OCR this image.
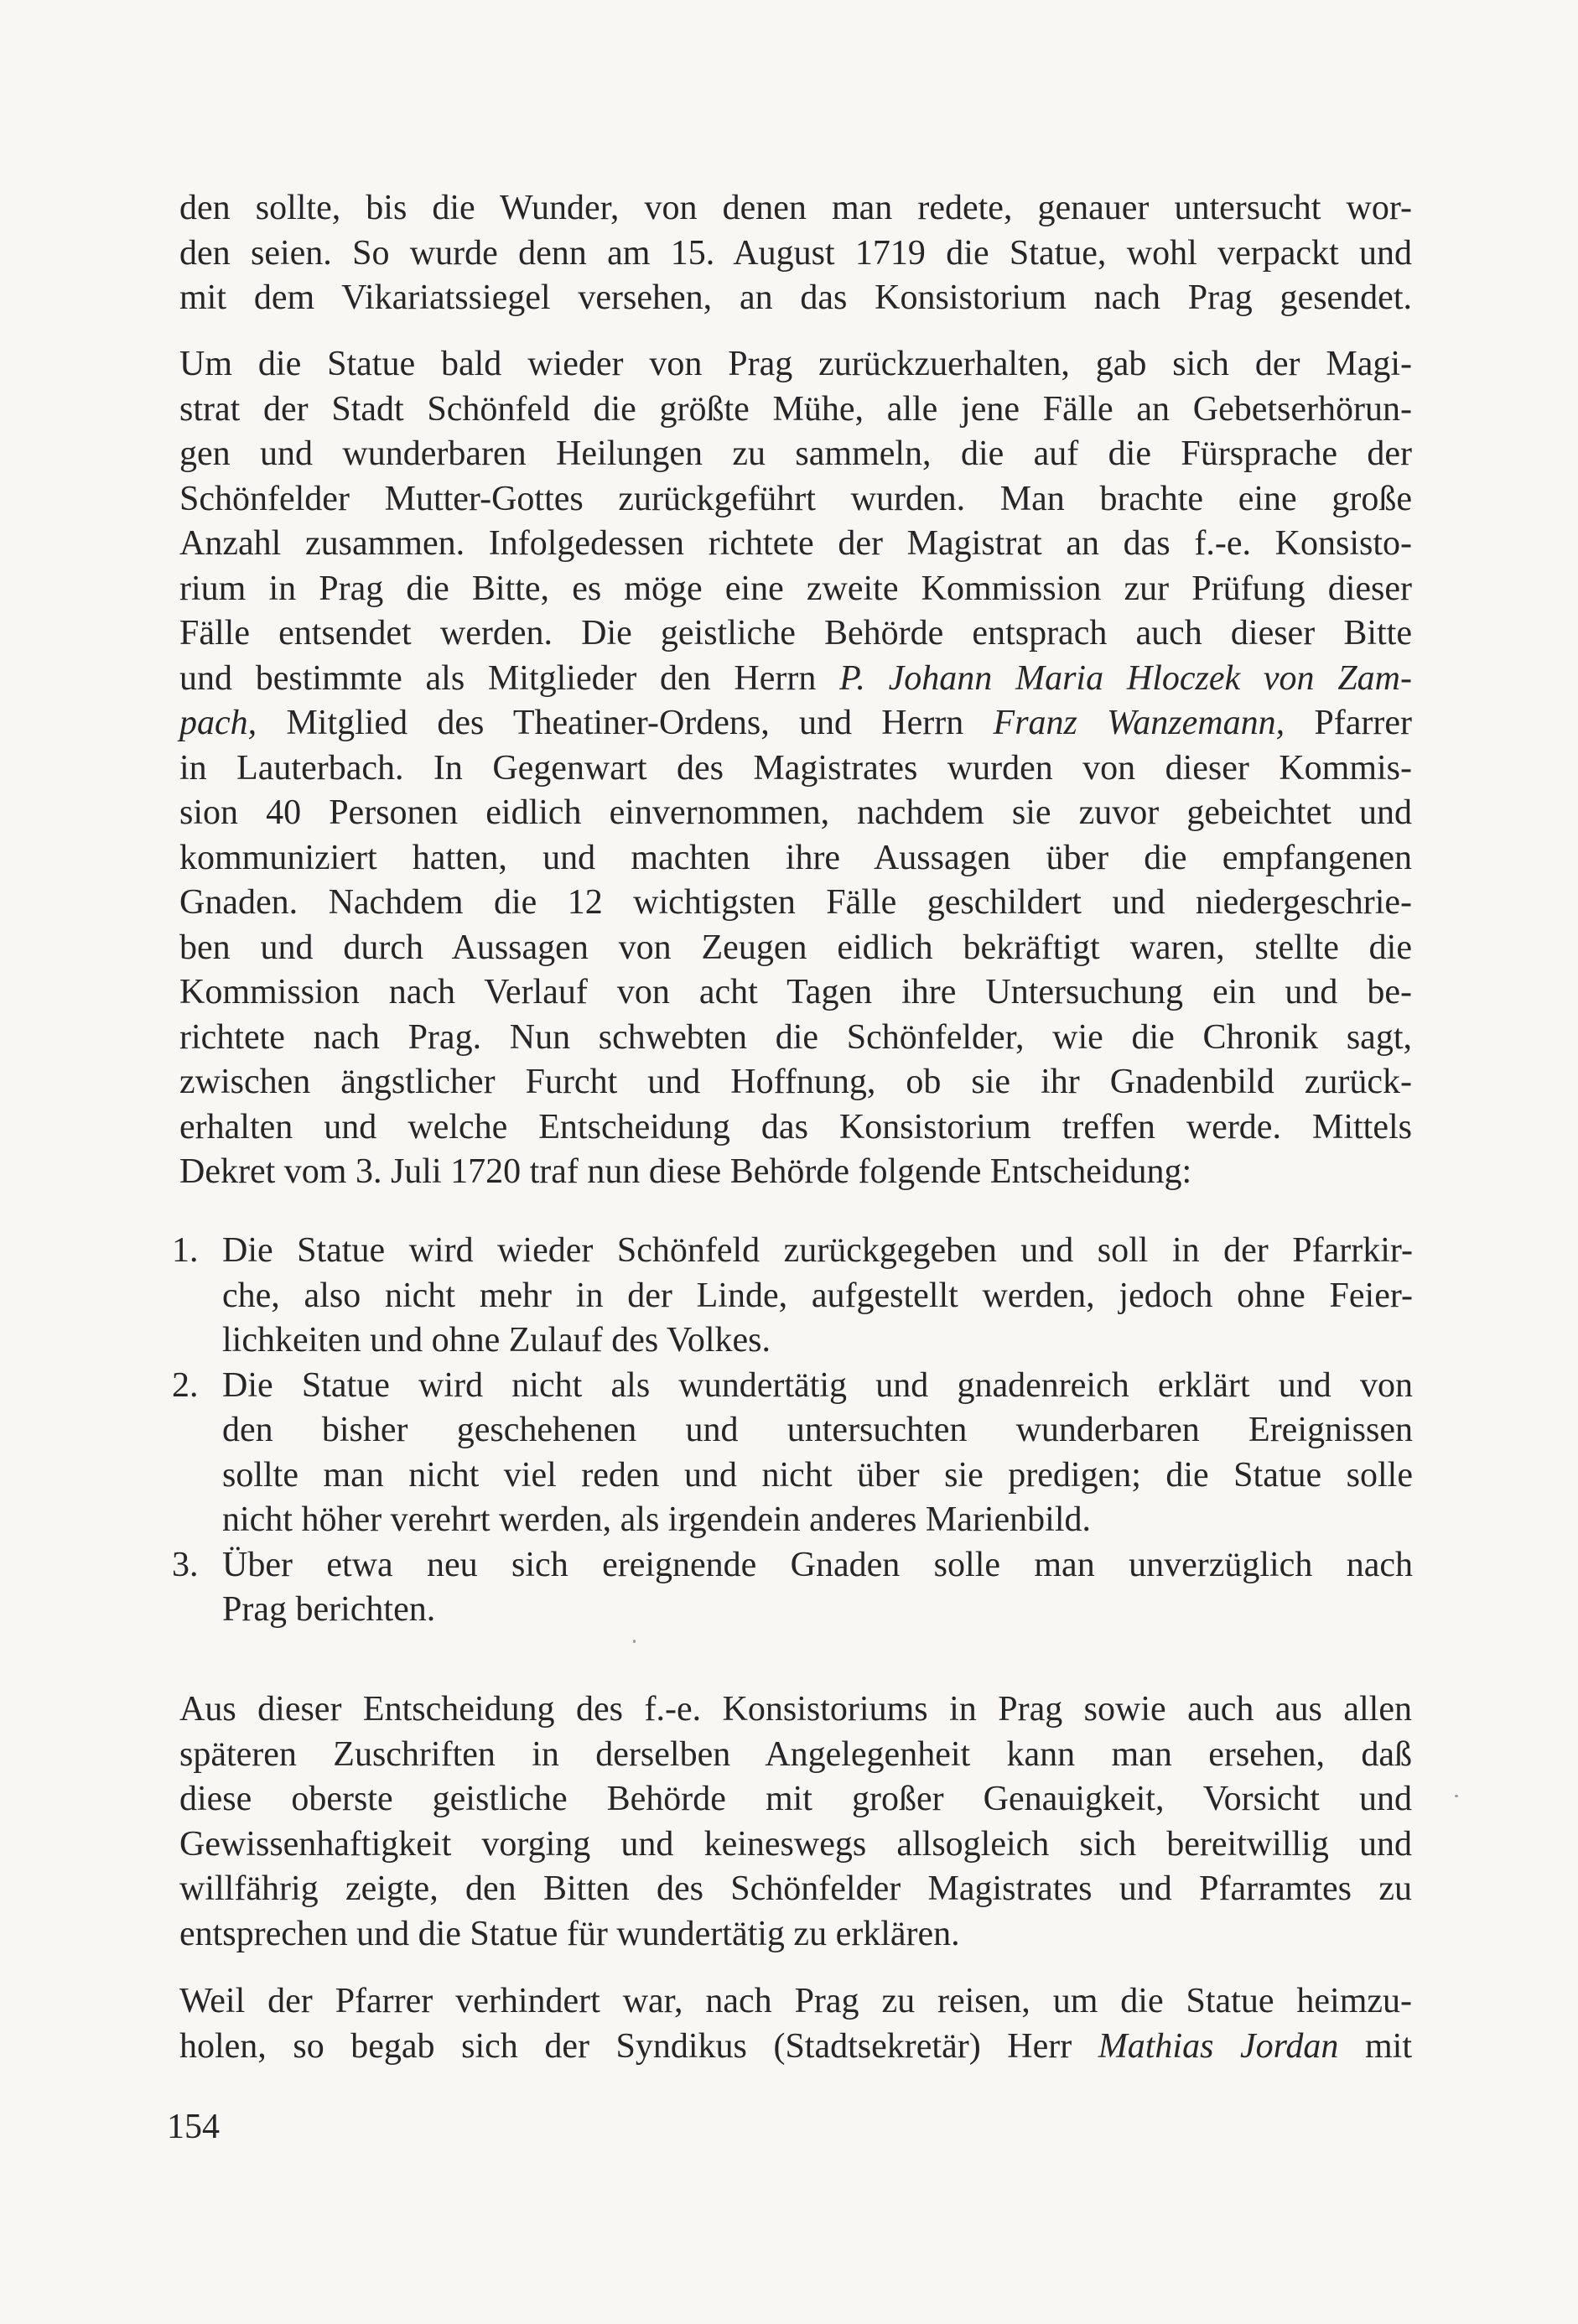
den sollte, bis die Wunder, von denen man redete, genauer untersucht wor-
den seien. So wurde denn am 15. August 1719 die Statue, wohl verpackt und
mit dem Vikariatssiegel versehen, an das Konsistorium nach Prag gesendet.
Um die Statue bald wieder von Prag zurückzuerhalten, gab sich der Magi-
strat der Stadt Schönfeld die größte Mühe, alle jene Fälle an Gebetserhörun-
gen und wunderbaren Heilungen zu sammeln, die auf die Fürsprache der
Schönfelder Mutter-Gottes zurückgeführt wurden. Man brachte eine große
Anzahl zusammen. Infolgedessen richtete der Magistrat an das f.-e. Konsisto-
rium in Prag die Bitte, es möge eine zweite Kommission zur Prüfung dieser
Fälle entsendet werden. Die geistliche Behörde entsprach auch dieser Bitte
und bestimmte als Mitglieder den Herrn P. Johann Maria Hloczek von Zam-
pach, Mitglied des Theatiner-Ordens, und Herrn Franz Wanzemann, Pfarrer
in Lauterbach. In Gegenwart des Magistrates wurden von dieser Kommis-
sion 40 Personen eidlich einvernommen, nachdem sie zuvor gebeichtet und
kommuniziert hatten, und machten ihre Aussagen über die empfangenen
Gnaden. Nachdem die 12 wichtigsten Fälle geschildert und niedergeschrie-
ben und durch Aussagen von Zeugen eidlich bekräftigt waren, stellte die
Kommission nach Verlauf von acht Tagen ihre Untersuchung ein und be-
richtete nach Prag. Nun schwebten die Schönfelder, wie die Chronik sagt,
zwischen ängstlicher Furcht und Hoffnung, ob sie ihr Gnadenbild zurück-
erhalten und welche Entscheidung das Konsistorium treffen werde. Mittels
Dekret vom 3. Juli 1720 traf nun diese Behörde folgende Entscheidung:
1. Die Statue wird wieder Schönfeld zurückgegeben und soll in der Pfarrkir-
che, also nicht mehr in der Linde, aufgestellt werden, jedoch ohne Feier-
lichkeiten und ohne Zulauf des Volkes.
2. Die Statue wird nicht als wundertätig und gnadenreich erklärt und von
den bisher geschehenen und untersuchten wunderbaren Ereignissen
sollte man nicht viel reden und nicht über sie predigen; die Statue solle
nicht höher verehrt werden, als irgendein anderes Marienbild.
3. Über etwa neu sich ereignende Gnaden solle man unverzüglich nach
Prag berichten.
Aus dieser Entscheidung des f.-e. Konsistoriums in Prag sowie auch aus allen
späteren Zuschriften in derselben Angelegenheit kann man ersehen, daß
diese oberste geistliche Behörde mit großer Genauigkeit, Vorsicht und
Gewissenhaftigkeit vorging und keineswegs allsogleich sich bereitwillig und
willfährig zeigte, den Bitten des Schönfelder Magistrates und Pfarramtes zu
entsprechen und die Statue für wundertätig zu erklären.
Weil der Pfarrer verhindert war, nach Prag zu reisen, um die Statue heimzu-
holen, so begab sich der Syndikus (Stadtsekretär) Herr Mathias Jordan mit
154
